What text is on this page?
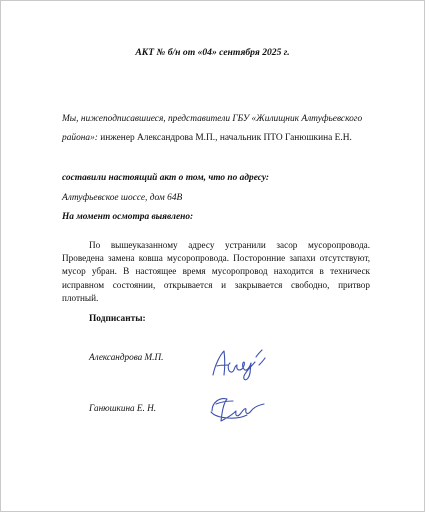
АКТ № б/н от «04» сентября 2025 г.
Мы, нижеподписавшиеся, представители ГБУ «Жилищник Алтуфьевского
района»: инженер Александрова М.П., начальник ПТО Ганюшкина Е.Н.
составили настоящий акт о том, что по адресу:
Алтуфьевское шоссе, дом 64В
На момент осмотра выявлено:

По вышеуказанному адресу устранили засор мусоропровода. Проведена замена ковша мусоропровода. Посторонние запахи отсутствуют, мусор убран. В настоящее время мусоропровод находится в техническ исправном состоянии, открывается и закрывается свободно, притвор плотный.

Подписанты:
Александрова М.П.
Ганюшкина Е. Н.
